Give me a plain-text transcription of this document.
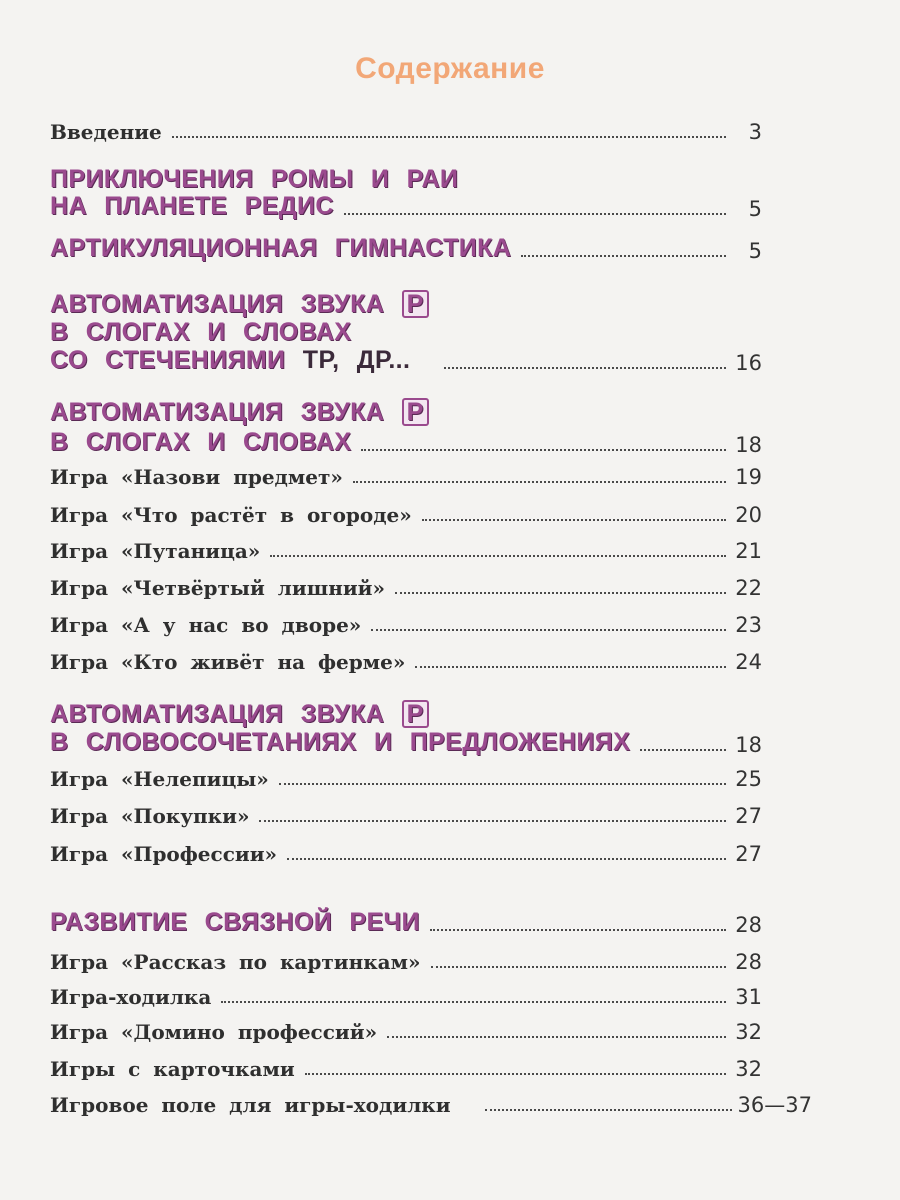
Содержание
Введение	3
ПРИКЛЮЧЕНИЯ РОМЫ И РАИ
НА ПЛАНЕТЕ РЕДИС	5
АРТИКУЛЯЦИОННАЯ ГИМНАСТИКА	5
АВТОМАТИЗАЦИЯ ЗВУКА Р
В СЛОГАХ И СЛОВАХ
СО СТЕЧЕНИЯМИ ТР, ДР...	16
АВТОМАТИЗАЦИЯ ЗВУКА Р
В СЛОГАХ И СЛОВАХ	18
Игра «Назови предмет»	19
Игра «Что растёт в огороде»	20
Игра «Путаница»	21
Игра «Четвёртый лишний»	22
Игра «А у нас во дворе»	23
Игра «Кто живёт на ферме»	24
АВТОМАТИЗАЦИЯ ЗВУКА Р
В СЛОВОСОЧЕТАНИЯХ И ПРЕДЛОЖЕНИЯХ	18
Игра «Нелепицы»	25
Игра «Покупки»	27
Игра «Профессии»	27
РАЗВИТИЕ СВЯЗНОЙ РЕЧИ	28
Игра «Рассказ по картинкам»	28
Игра-ходилка	31
Игра «Домино профессий»	32
Игры с карточками	32
Игровое поле для игры-ходилки	36—37
